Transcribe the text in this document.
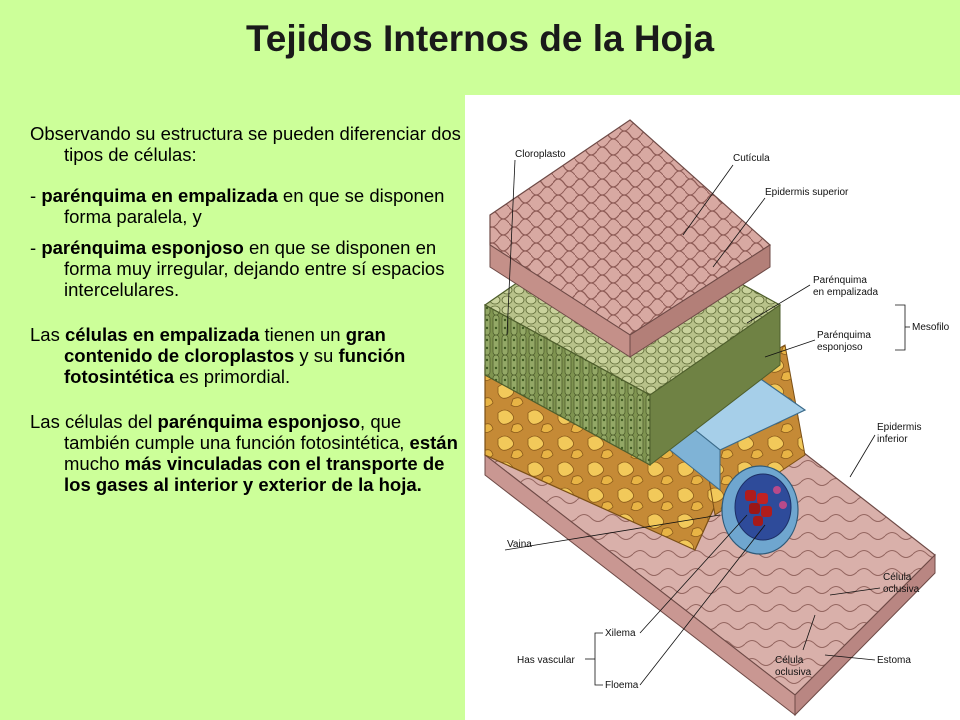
Tejidos Internos de la Hoja

Observando su estructura se pueden diferenciar dos tipos de células:

- parénquima en empalizada en que se disponen forma paralela, y

- parénquima esponjoso en que se disponen en forma muy irregular, dejando entre sí espacios intercelulares.

Las células en empalizada tienen un gran contenido de cloroplastos y su función fotosintética es primordial.

Las células del parénquima esponjoso, que también cumple una función fotosintética, están mucho más vinculadas con el transporte de los gases al interior y exterior de la hoja.

Cloroplasto	Cutícula
Epidermis superior
Parénquima
en empalizada
Parénquima
esponjoso
Mesofilo
Epidermis
inferior
Vaina
Célula
oclusiva
Xilema
Has vascular
Floema
Célula
oclusiva
Estoma
